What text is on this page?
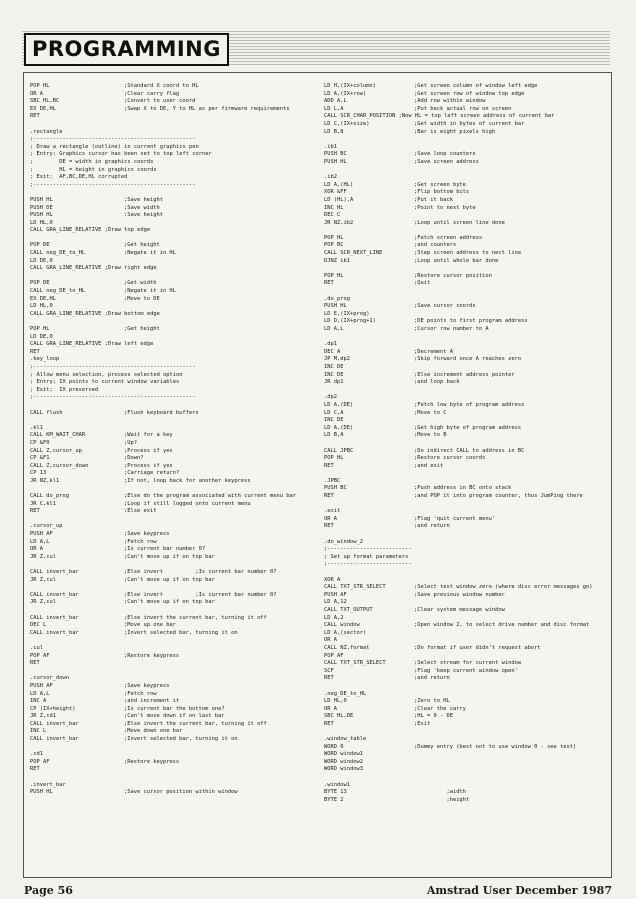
PROGRAMMING
POP HL	;Standard X coord to HL
OR A	;Clear carry flag
SBC HL,BC	;Convert to user coord
EX DE,HL	;Swap X to DE, Y to HL as per firmware requirements
RET
.rectangle
;--------------------------------------------------
; Draw a rectangle (outline) in current graphics pen
; Entry; Graphics cursor has been set to top left corner
;        DE = width in graphics coords
;        HL = height in graphics coords
; Exit;  AF,BC,DE,HL corrupted
;--------------------------------------------------
PUSH HL	;Save height
PUSH DE	;Save width
PUSH HL	;Save height
LD HL,0
CALL GRA_LINE_RELATIVE ;Draw top edge
POP DE	;Get height
CALL neg_DE_to_HL	;Negate it in HL
LD DE,0
CALL GRA_LINE_RELATIVE ;Draw right edge
POP DE	;Get width
CALL neg_DE_to_HL	;Negate it in HL
EX DE,HL	;Move to DE
LD HL,0
CALL GRA_LINE_RELATIVE ;Draw bottom edge
POP HL	;Get height
LD DE,0
CALL GRA_LINE_RELATIVE ;Draw left edge
RET
.key_loop
;--------------------------------------------------
; Allow menu selection, process selected option
; Entry; IX points to current window variables
; Exit;  IX preserved
;--------------------------------------------------
CALL flush	;Flush keyboard buffers
.kl1
CALL KM_WAIT_CHAR	;Wait for a key
CP &F0	;Up?
CALL Z,cursor_up	;Process if yes
CP &F1	;Down?
CALL Z,cursor_down	;Process if yes
CP 13	;Carriage return?
JR NZ,kl1	;If not, loop back for another keypress
CALL do_prog	;Else do the program associated with current menu bar
JR C,kl1	;Loop if still logged onto current menu
RET	;Else exit
.cursor_up
PUSH AF	;Save keypress
LD A,L	;Fetch row
OR A	;Is current bar number 0?
JR Z,cul	;Can't move up if on top bar
CALL invert_bar	;Else invert          ;Is current bar number 0?
JR Z,cul	;Can't move up if on top bar
CALL invert_bar	;Else invert          ;Is current bar number 0?
JR Z,cul	;Can't move up if on top bar
CALL invert_bar	;Else invert the current bar, turning it off
DEC L	;Move up one bar
CALL invert_bar	;Invert selected bar, turning it on
.cul
POP AF	;Restore keypress
RET
.cursor_down
PUSH AF	;Save keypress
LD A,L	;Fetch row
INC A	;and increment it
CP (IX+height)	;Is current bar the bottom one?
JR Z,cd1	;Can't move down if on last bar
CALL invert_bar	;Else invert the current bar, turning it off
INC L	;Move down one bar
CALL invert_bar	;Invert selected bar, turning it on
.cd1
POP AF	;Restore keypress
RET
.invert_bar
PUSH HL	;Save cursor position within window
LD H,(IX+column)	;Get screen column of window left edge
LD A,(IX+row)	;Get screen row of window top edge
ADD A,L	;Add row within window
LD L,A	;Put back actual row on screen
CALL SCR_CHAR_POSITION ;Now HL = top left screen address of current bar
LD C,(IX+size)	;Get width in bytes of current bar
LD B,8	;Bar is eight pixels high
.ib1
PUSH BC	;Save loop counters
PUSH HL	;Save screen address
.ib2
LD A,(HL)	;Get screen byte
XOR &FF	;Flip bottom bits
LD (HL),A	;Put it back
INC HL	;Point to next byte
DEC C
JR NZ,ib2	;Loop until screen line done
POP HL	;Fetch screen address
POP BC	;and counters
CALL SCR_NEXT_LINE	;Step screen address to nect line
DJNZ ib1	;Loop until whole bar done
POP HL	;Restore cursor position
RET	;Quit
.do_prog
PUSH HL	;Save cursor coords
LD E,(IX+prog)
LD D,(IX+prog+1)	;DE points to first program address
LD A,L	;Cursor row number to A
.dp1
DEC A	;Decrement A
JP M,dp2	;Skip forward once A reaches zero
INC DE
INC DE	;Else increment address pointer
JR dp1	;and loop back
.dp2
LD A,(DE)	;Fetch low byte of program address
LD C,A	;Move to C
INC DE
LD A,(DE)	;Get high byte of program address
LD B,A	;Move to B
CALL JPBC	;Do indirect CALL to address in BC
POP HL	;Restore cursor coords
RET	;and exit
.JPBC
PUSH BC	;Push address in BC onto stack
RET	;and POP it into program counter, thus JumPing there
.exit
OR A	;Flag 'quit current menu'
RET	;and return
.do_window_2
;--------------------------
; Set up format parameters
;--------------------------
XOR A
CALL TXT_STR_SELECT	;Select text window zero (where disc error messages go)
PUSH AF	;Save previous window number
LD A,12
CALL TXT_OUTPUT	;Clear system message window
LD A,2
CALL window	;Open window 2, to select drive number and disc format
LD A,(sector)
OR A
CALL NZ,format	;Do format if user didn't request abort
POP AF
CALL TXT_STR_SELECT	;Select stream for current window
SCF	;Flag 'keep current window open'
RET	;and return
.neg_DE_to_HL
LD HL,0	;Zero to HL
OR A	;Clear the carry
SBC HL,DE	;HL = 0 - DE
RET	;Exit
.window_table
WORD 0	;Dummy entry (best not to use window 0 - see text)
WORD window1
WORD window2
WORD window3
.window1
BYTE 13	;width
BYTE 2	;height
Page 56	Amstrad User December 1987
